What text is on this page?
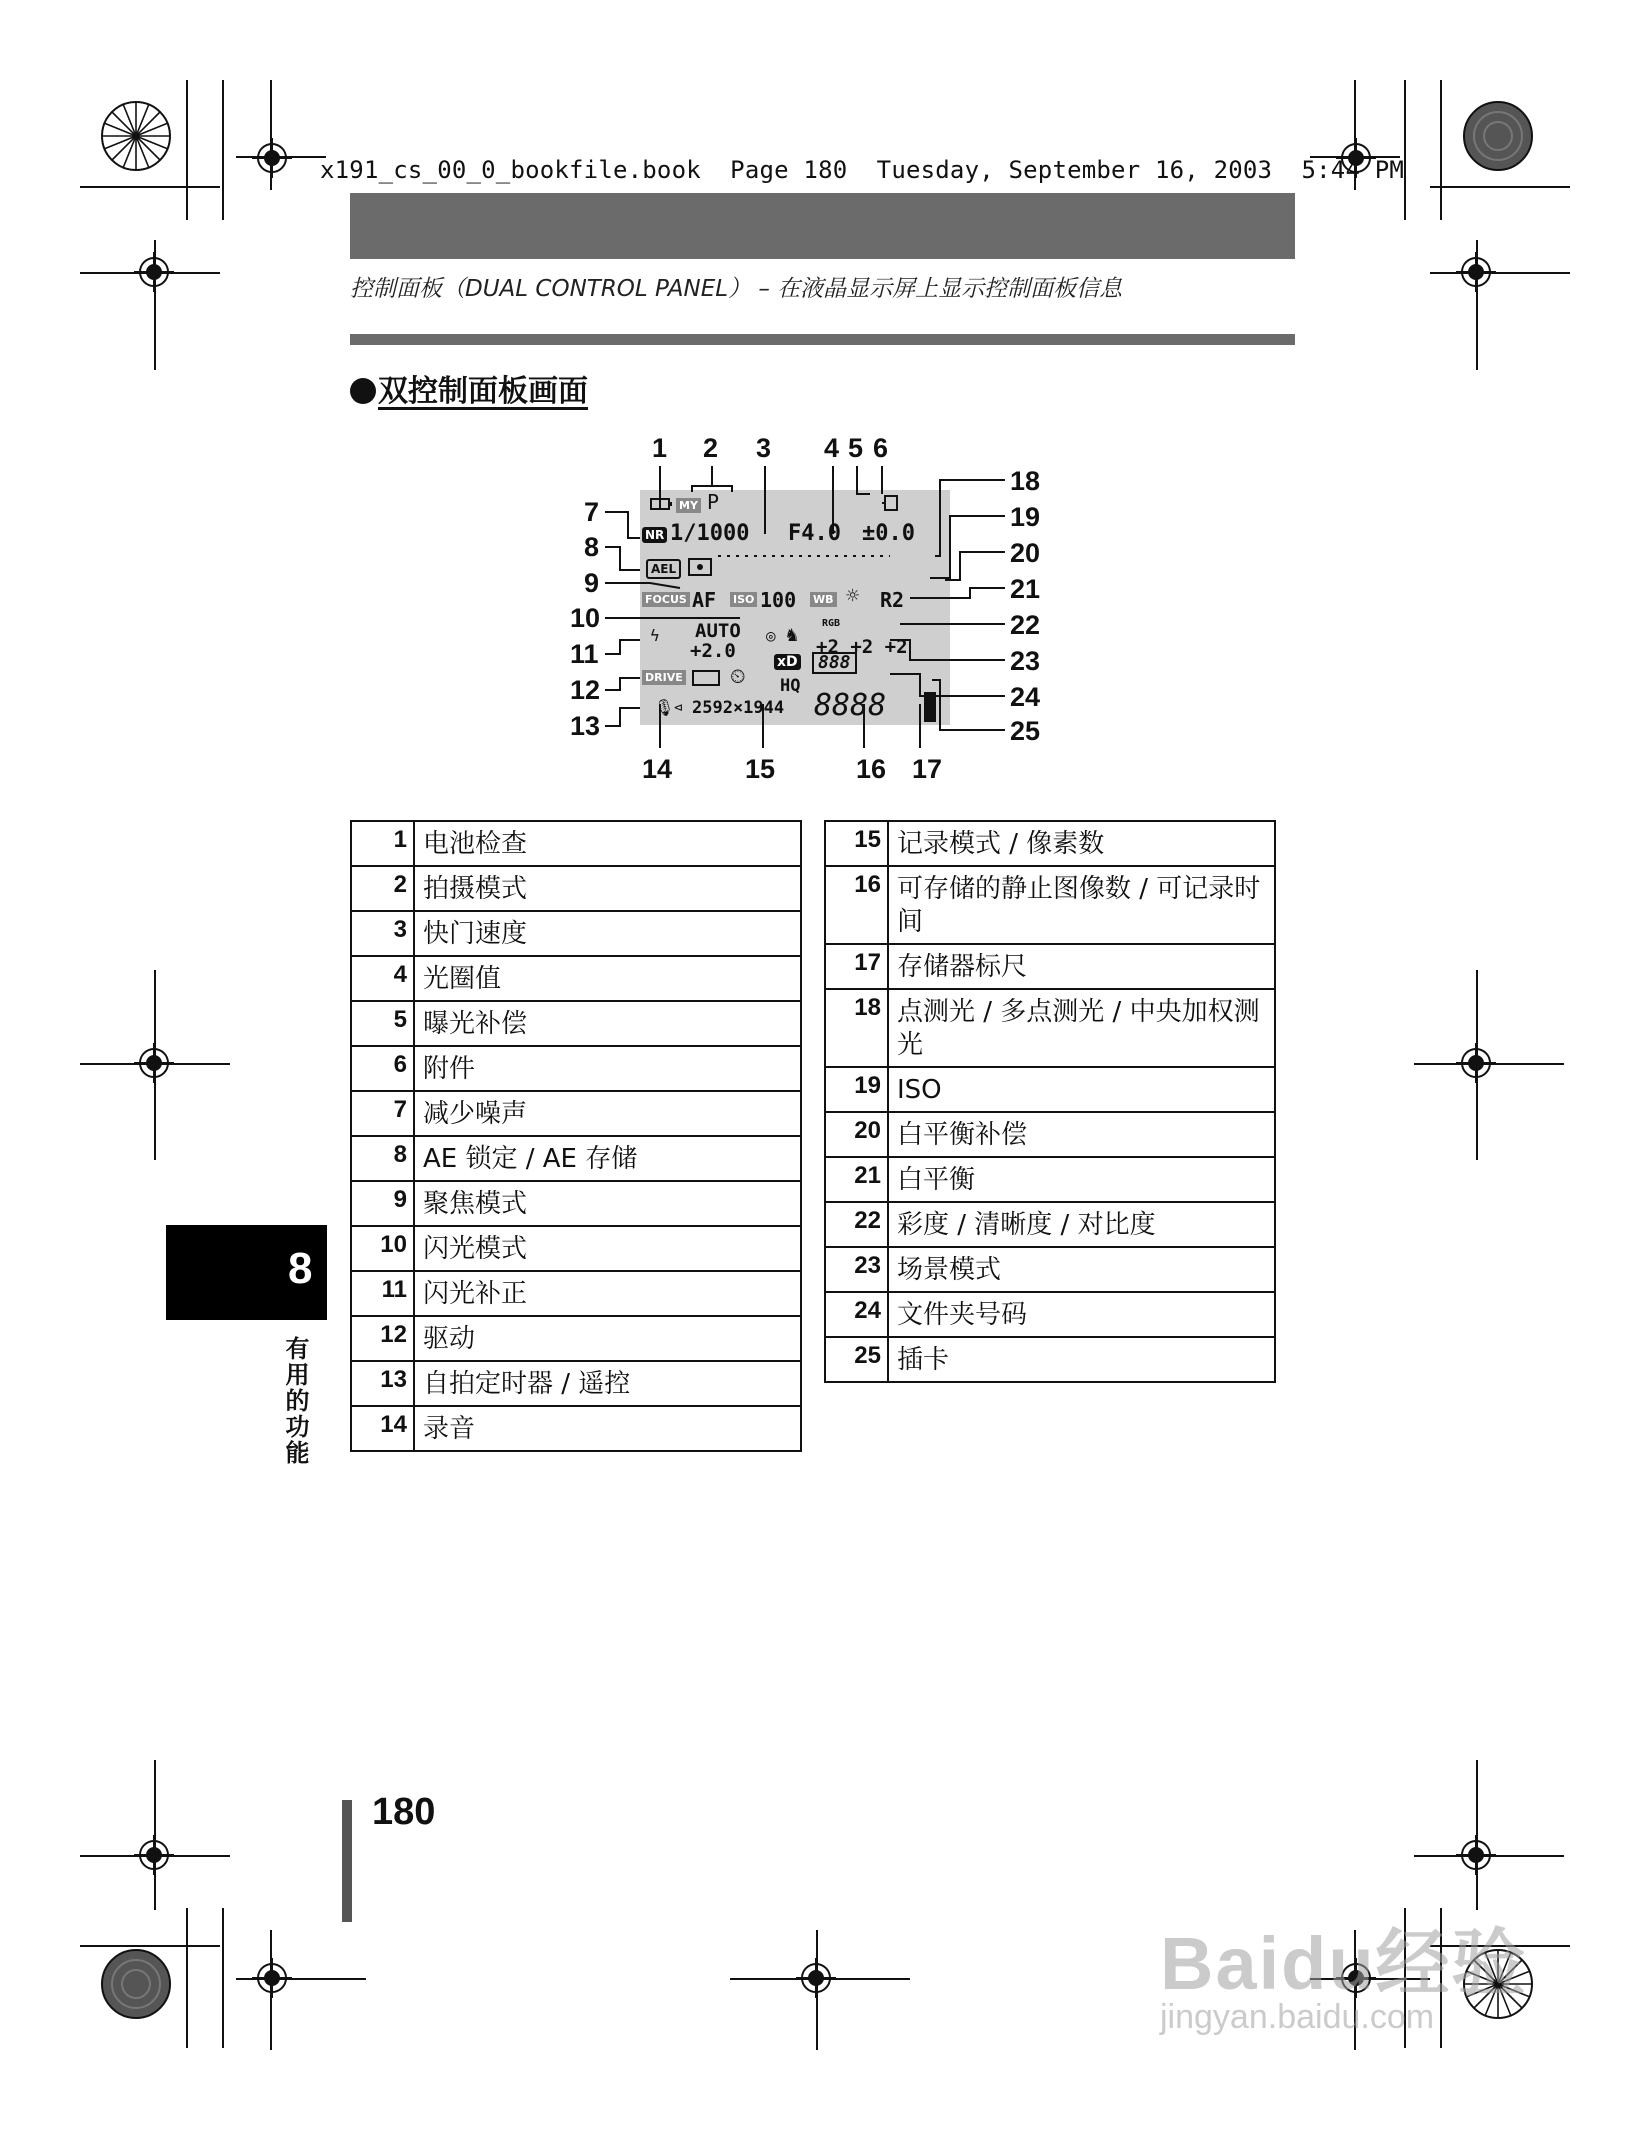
x191_cs_00_0_bookfile.book  Page 180  Tuesday, September 16, 2003  5:44 PM
控制面板（DUAL CONTROL PANEL） – 在液晶显示屏上显示控制面板信息
双控制面板画面
1 2 3 4 5 6
7
8
9
10
11
12
13
14	15	16 17
18
19
20
21
22
23
24
25
MY P
NR 1/1000 F4.0 ±0.0
AEL
FOCUS AF ISO 100 WB ☼ R2
ϟ AUTO
+2.0
◎ ♞ RGB
+2 +2 +2
DRIVE ⏲
xD	888
HQ
🎙 ⊲ 2592×1944 8888
1	电池检查
2	拍摄模式
3	快门速度
4	光圈值
5	曝光补偿
6	附件
7	减少噪声
8	AE 锁定 / AE 存储
9	聚焦模式
10	闪光模式
11	闪光补正
12	驱动
13	自拍定时器 / 遥控
14	录音
15	记录模式 / 像素数
16	可存储的静止图像数 / 可记录时间
17	存储器标尺
18	点测光 / 多点测光 / 中央加权测光
19	ISO
20	白平衡补偿
21	白平衡
22	彩度 / 清晰度 / 对比度
23	场景模式
24	文件夹号码
25	插卡
8
有用的功能
180
Baidu经验
jingyan.baidu.com
